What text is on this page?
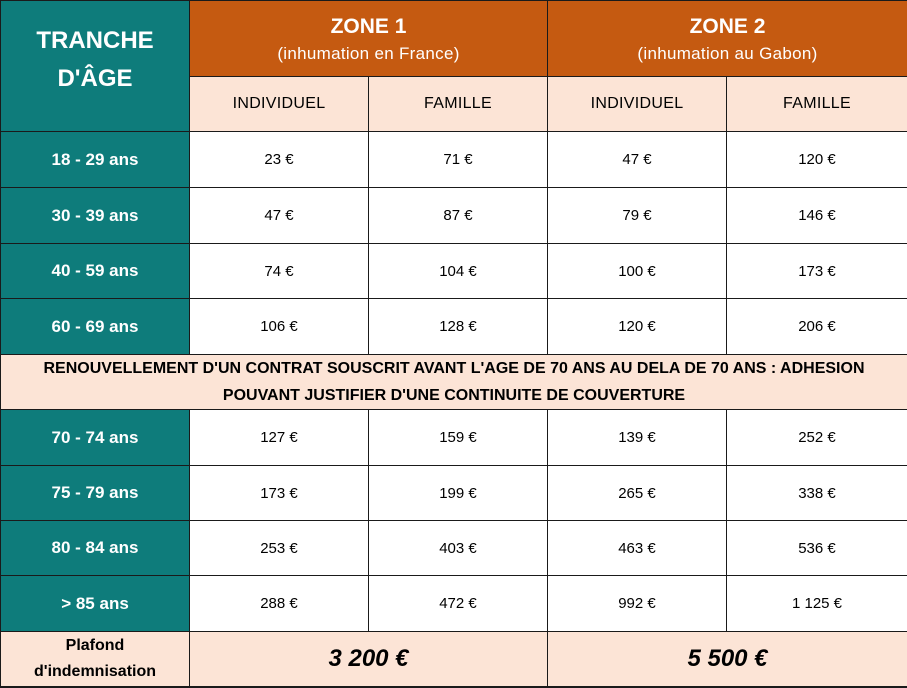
TRANCHE
D'ÂGE
ZONE 1
(inhumation en France)
ZONE 2
(inhumation au Gabon)
INDIVIDUEL	FAMILLE	INDIVIDUEL	FAMILLE
18 - 29 ans	23 €	71 €	47 €	120 €
30 - 39 ans	47 €	87 €	79 €	146 €
40 - 59 ans	74 €	104 €	100 €	173 €
60 - 69 ans	106 €	128 €	120 €	206 €
RENOUVELLEMENT D'UN CONTRAT SOUSCRIT AVANT L'AGE DE 70 ANS AU DELA DE 70 ANS : ADHESION
POUVANT JUSTIFIER D'UNE CONTINUITE DE COUVERTURE
70 - 74 ans	127 €	159 €	139 €	252 €
75 - 79 ans	173 €	199 €	265 €	338 €
80 - 84 ans	253 €	403 €	463 €	536 €
> 85 ans	288 €	472 €	992 €	1 125 €
Plafond
d'indemnisation	3 200 €	5 500 €
